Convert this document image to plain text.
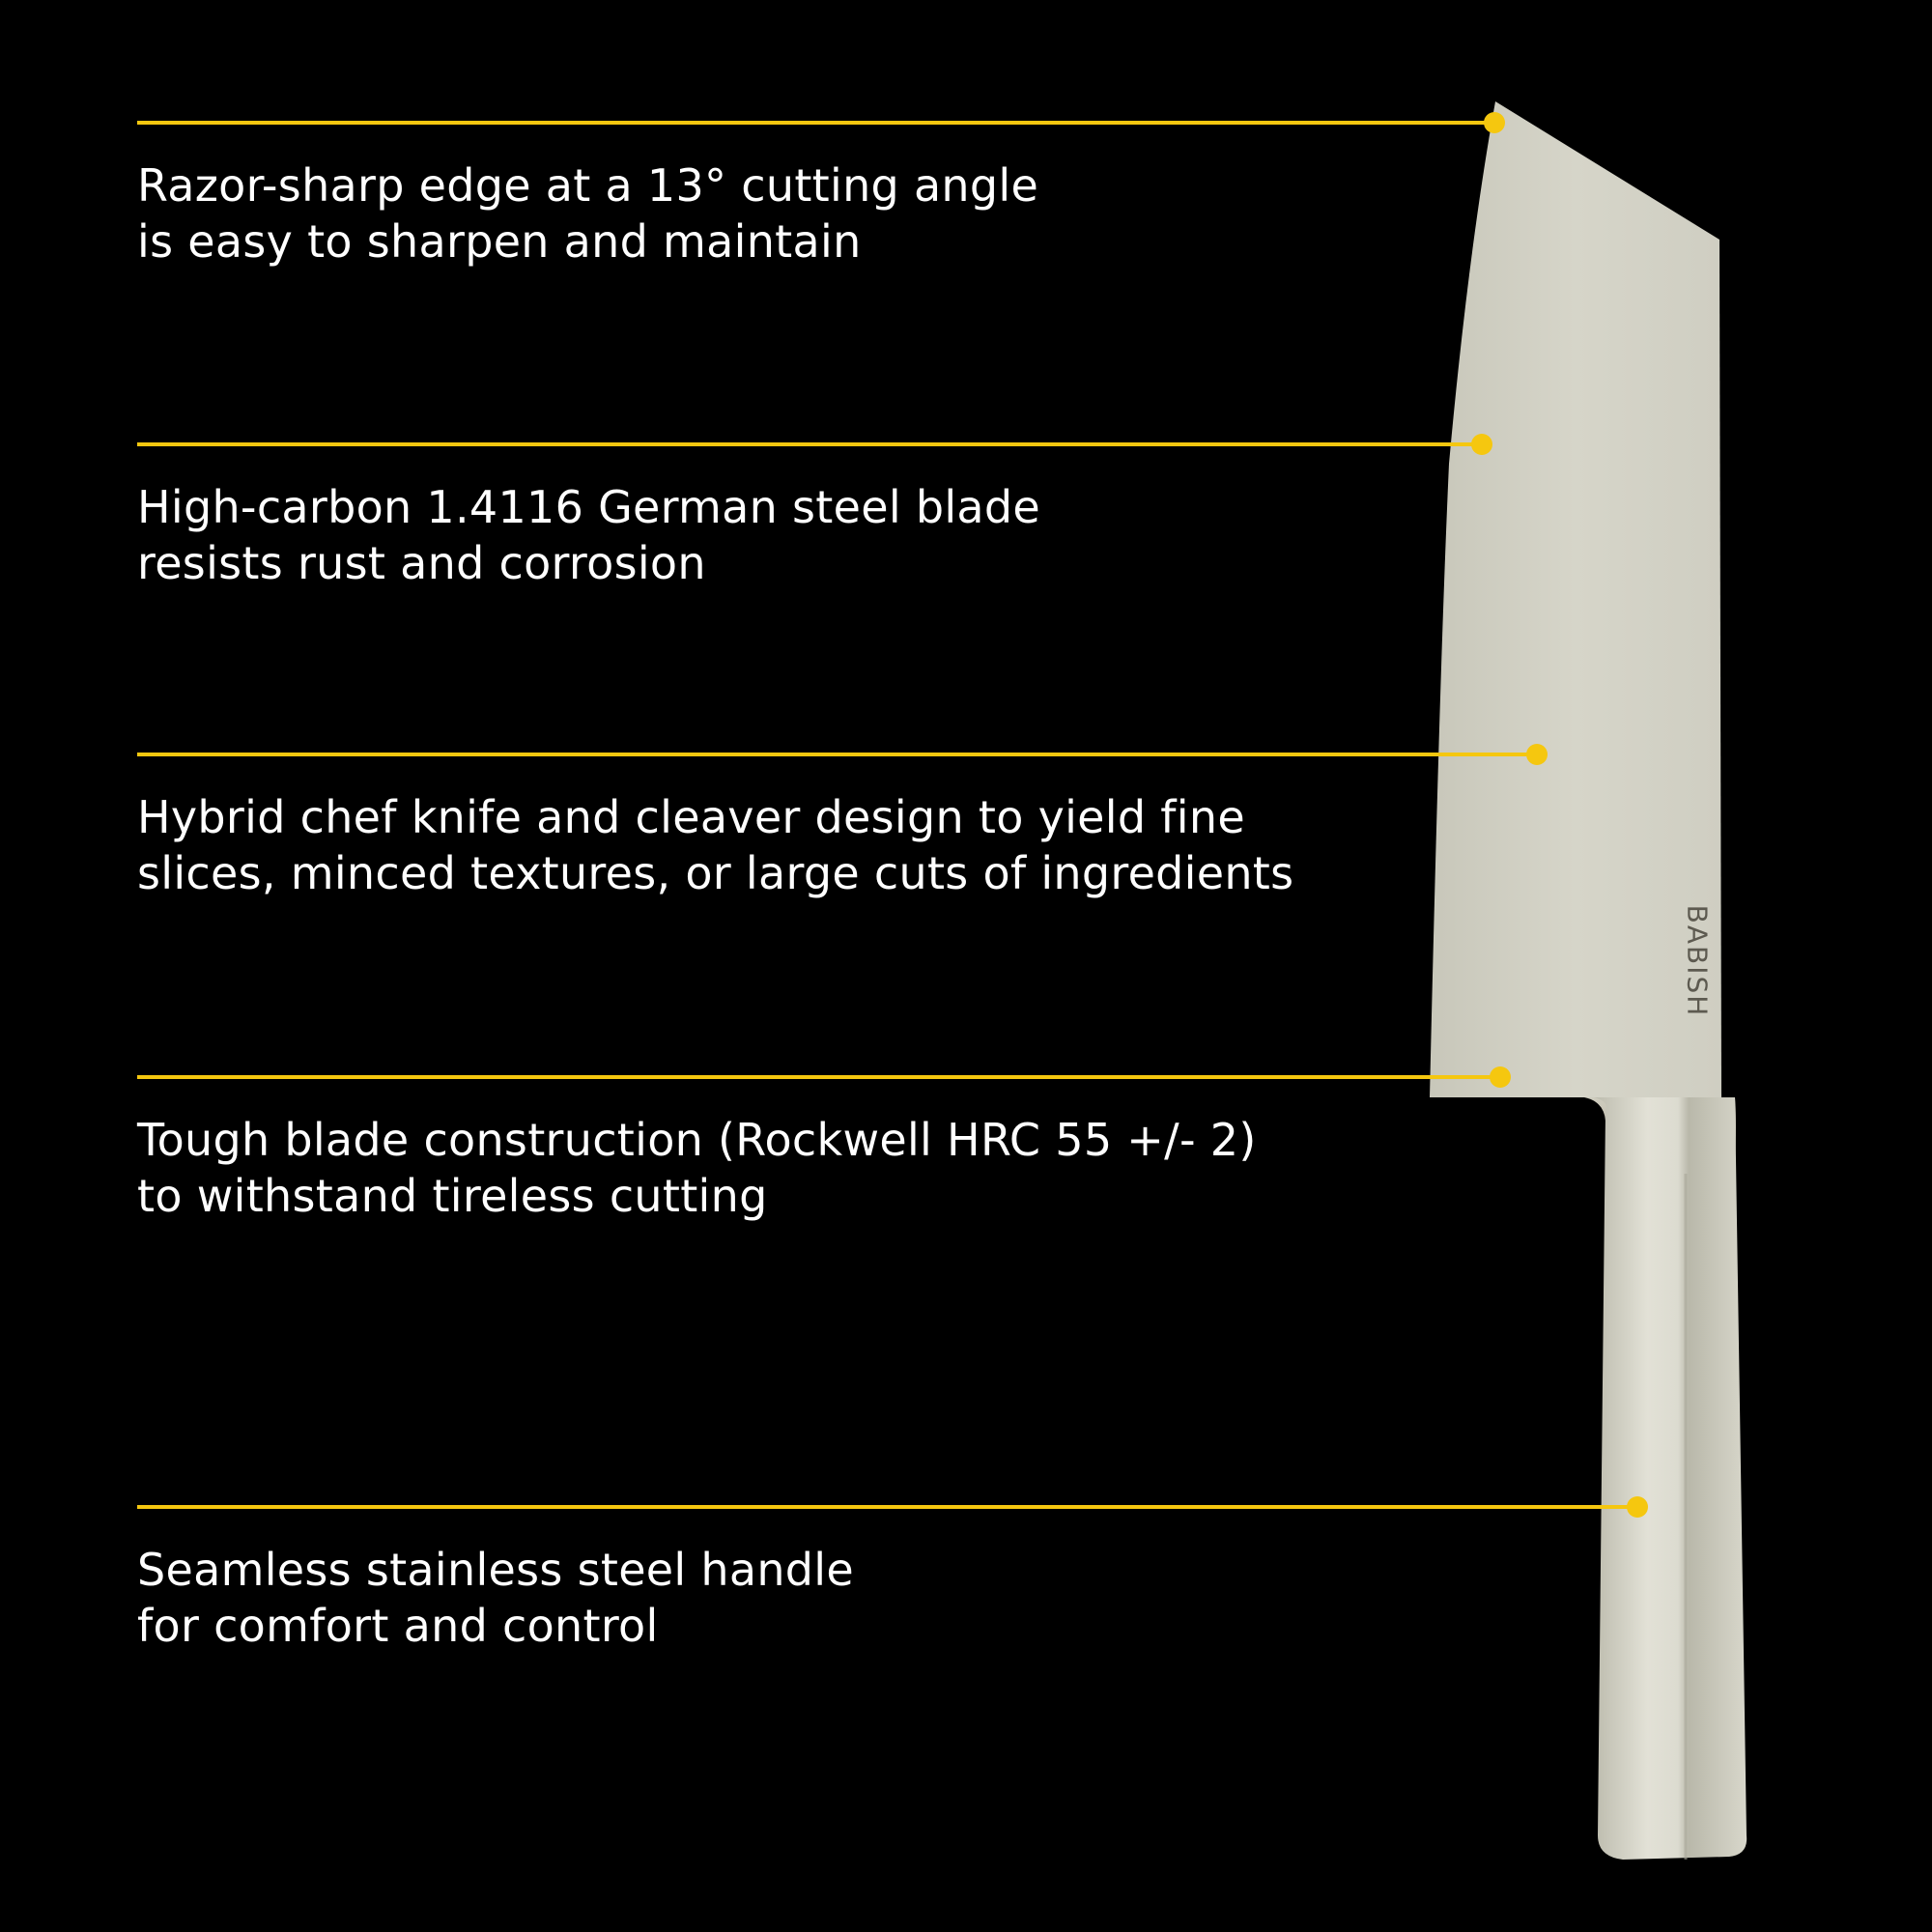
BABISH
Razor-sharp edge at a 13° cutting angle
is easy to sharpen and maintain
High-carbon 1.4116 German steel blade
resists rust and corrosion
Hybrid chef knife and cleaver design to yield fine
slices, minced textures, or large cuts of ingredients
Tough blade construction (Rockwell HRC 55 +/- 2)
to withstand tireless cutting
Seamless stainless steel handle
for comfort and control
